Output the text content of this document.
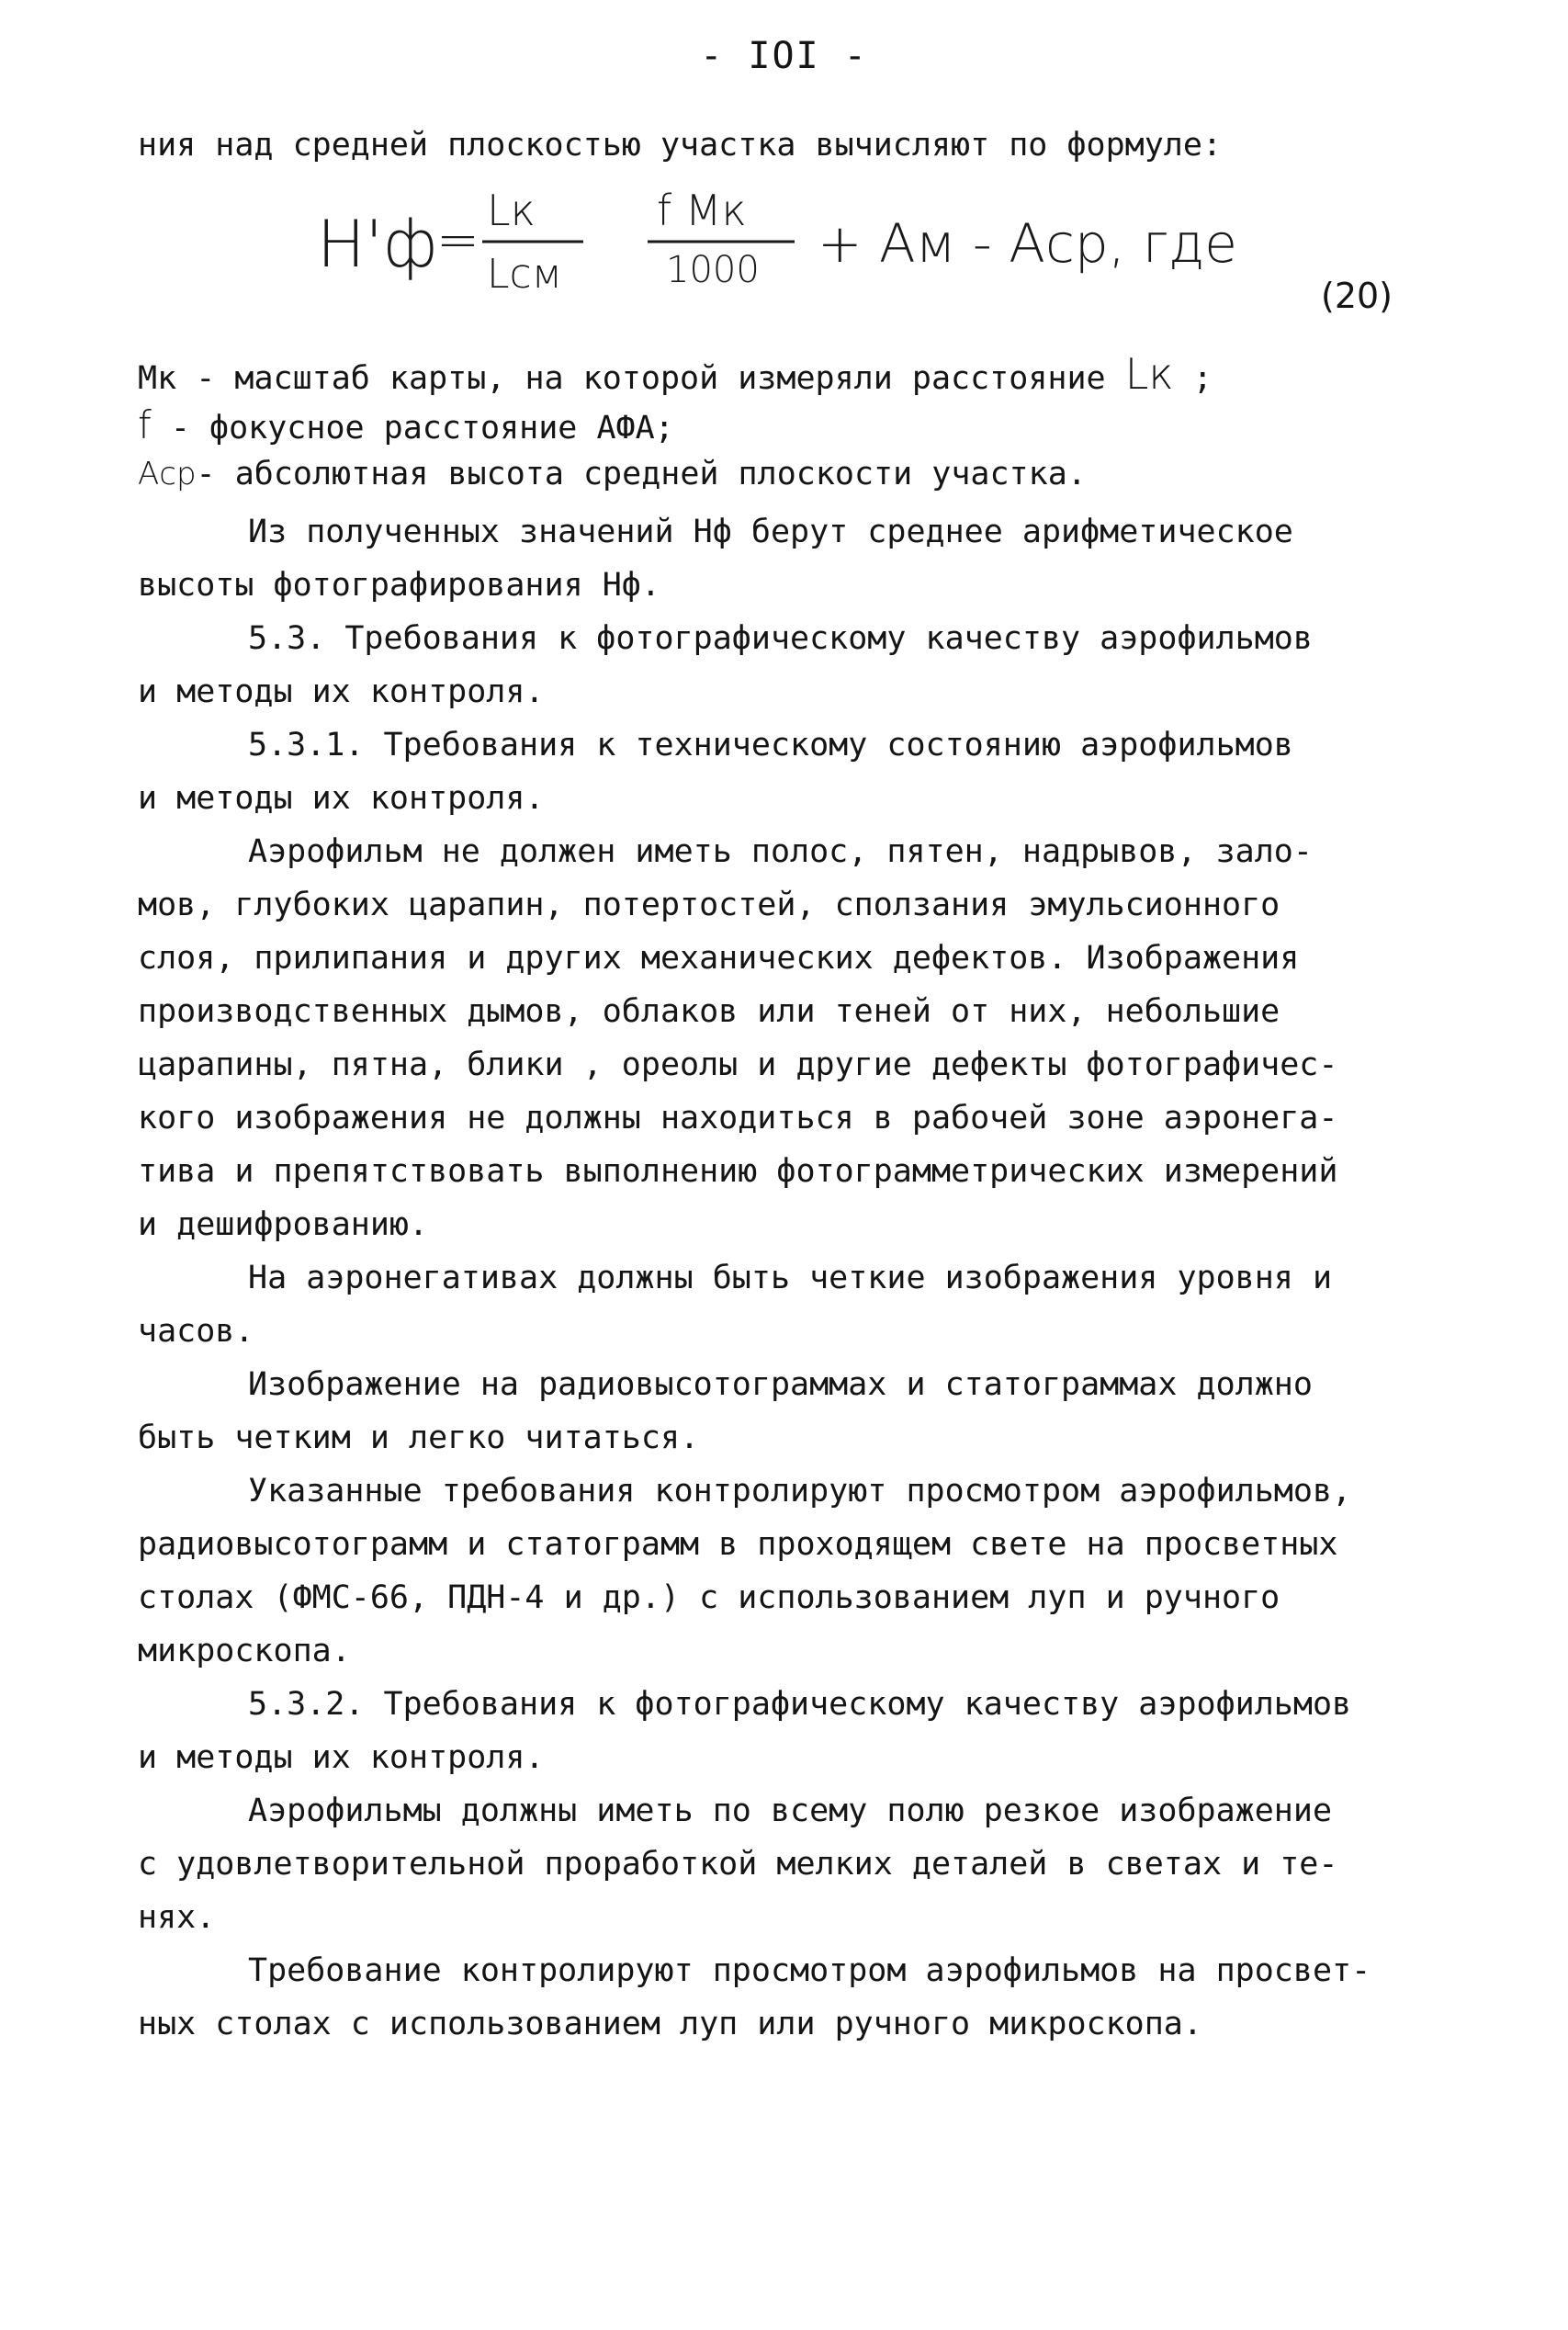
- IOI -
ния над средней плоскостью участка вычисляют по формуле:
H'ф
= Lк
Lсм
f Mк
1000 + Aм - Aср, где
(20)
Mк - масштаб карты, на которой измеряли расстояние Lк ;
f - фокусное расстояние АФА;
Aср- абсолютная высота средней плоскости участка.
Из полученных значений Нф берут среднее арифметическое
высоты фотографирования Нф.
5.3. Требования к фотографическому качеству аэрофильмов
и методы их контроля.
5.3.1. Требования к техническому состоянию аэрофильмов
и методы их контроля.
Аэрофильм не должен иметь полос, пятен, надрывов, зало-
мов, глубоких царапин, потертостей, сползания эмульсионного
слоя, прилипания и других механических дефектов. Изображения
производственных дымов, облаков или теней от них, небольшие
царапины, пятна, блики , ореолы и другие дефекты фотографичес-
кого изображения не должны находиться в рабочей зоне аэронега-
тива и препятствовать выполнению фотограмметрических измерений
и дешифрованию.
На аэронегативах должны быть четкие изображения уровня и
часов.
Изображение на радиовысотограммах и статограммах должно
быть четким и легко читаться.
Указанные требования контролируют просмотром аэрофильмов,
радиовысотограмм и статограмм в проходящем свете на просветных
столах (ФМС-66, ПДН-4 и др.) с использованием луп и ручного
микроскопа.
5.3.2. Требования к фотографическому качеству аэрофильмов
и методы их контроля.
Аэрофильмы должны иметь по всему полю резкое изображение
с удовлетворительной проработкой мелких деталей в светах и те-
нях.
Требование контролируют просмотром аэрофильмов на просвет-
ных столах с использованием луп или ручного микроскопа.
